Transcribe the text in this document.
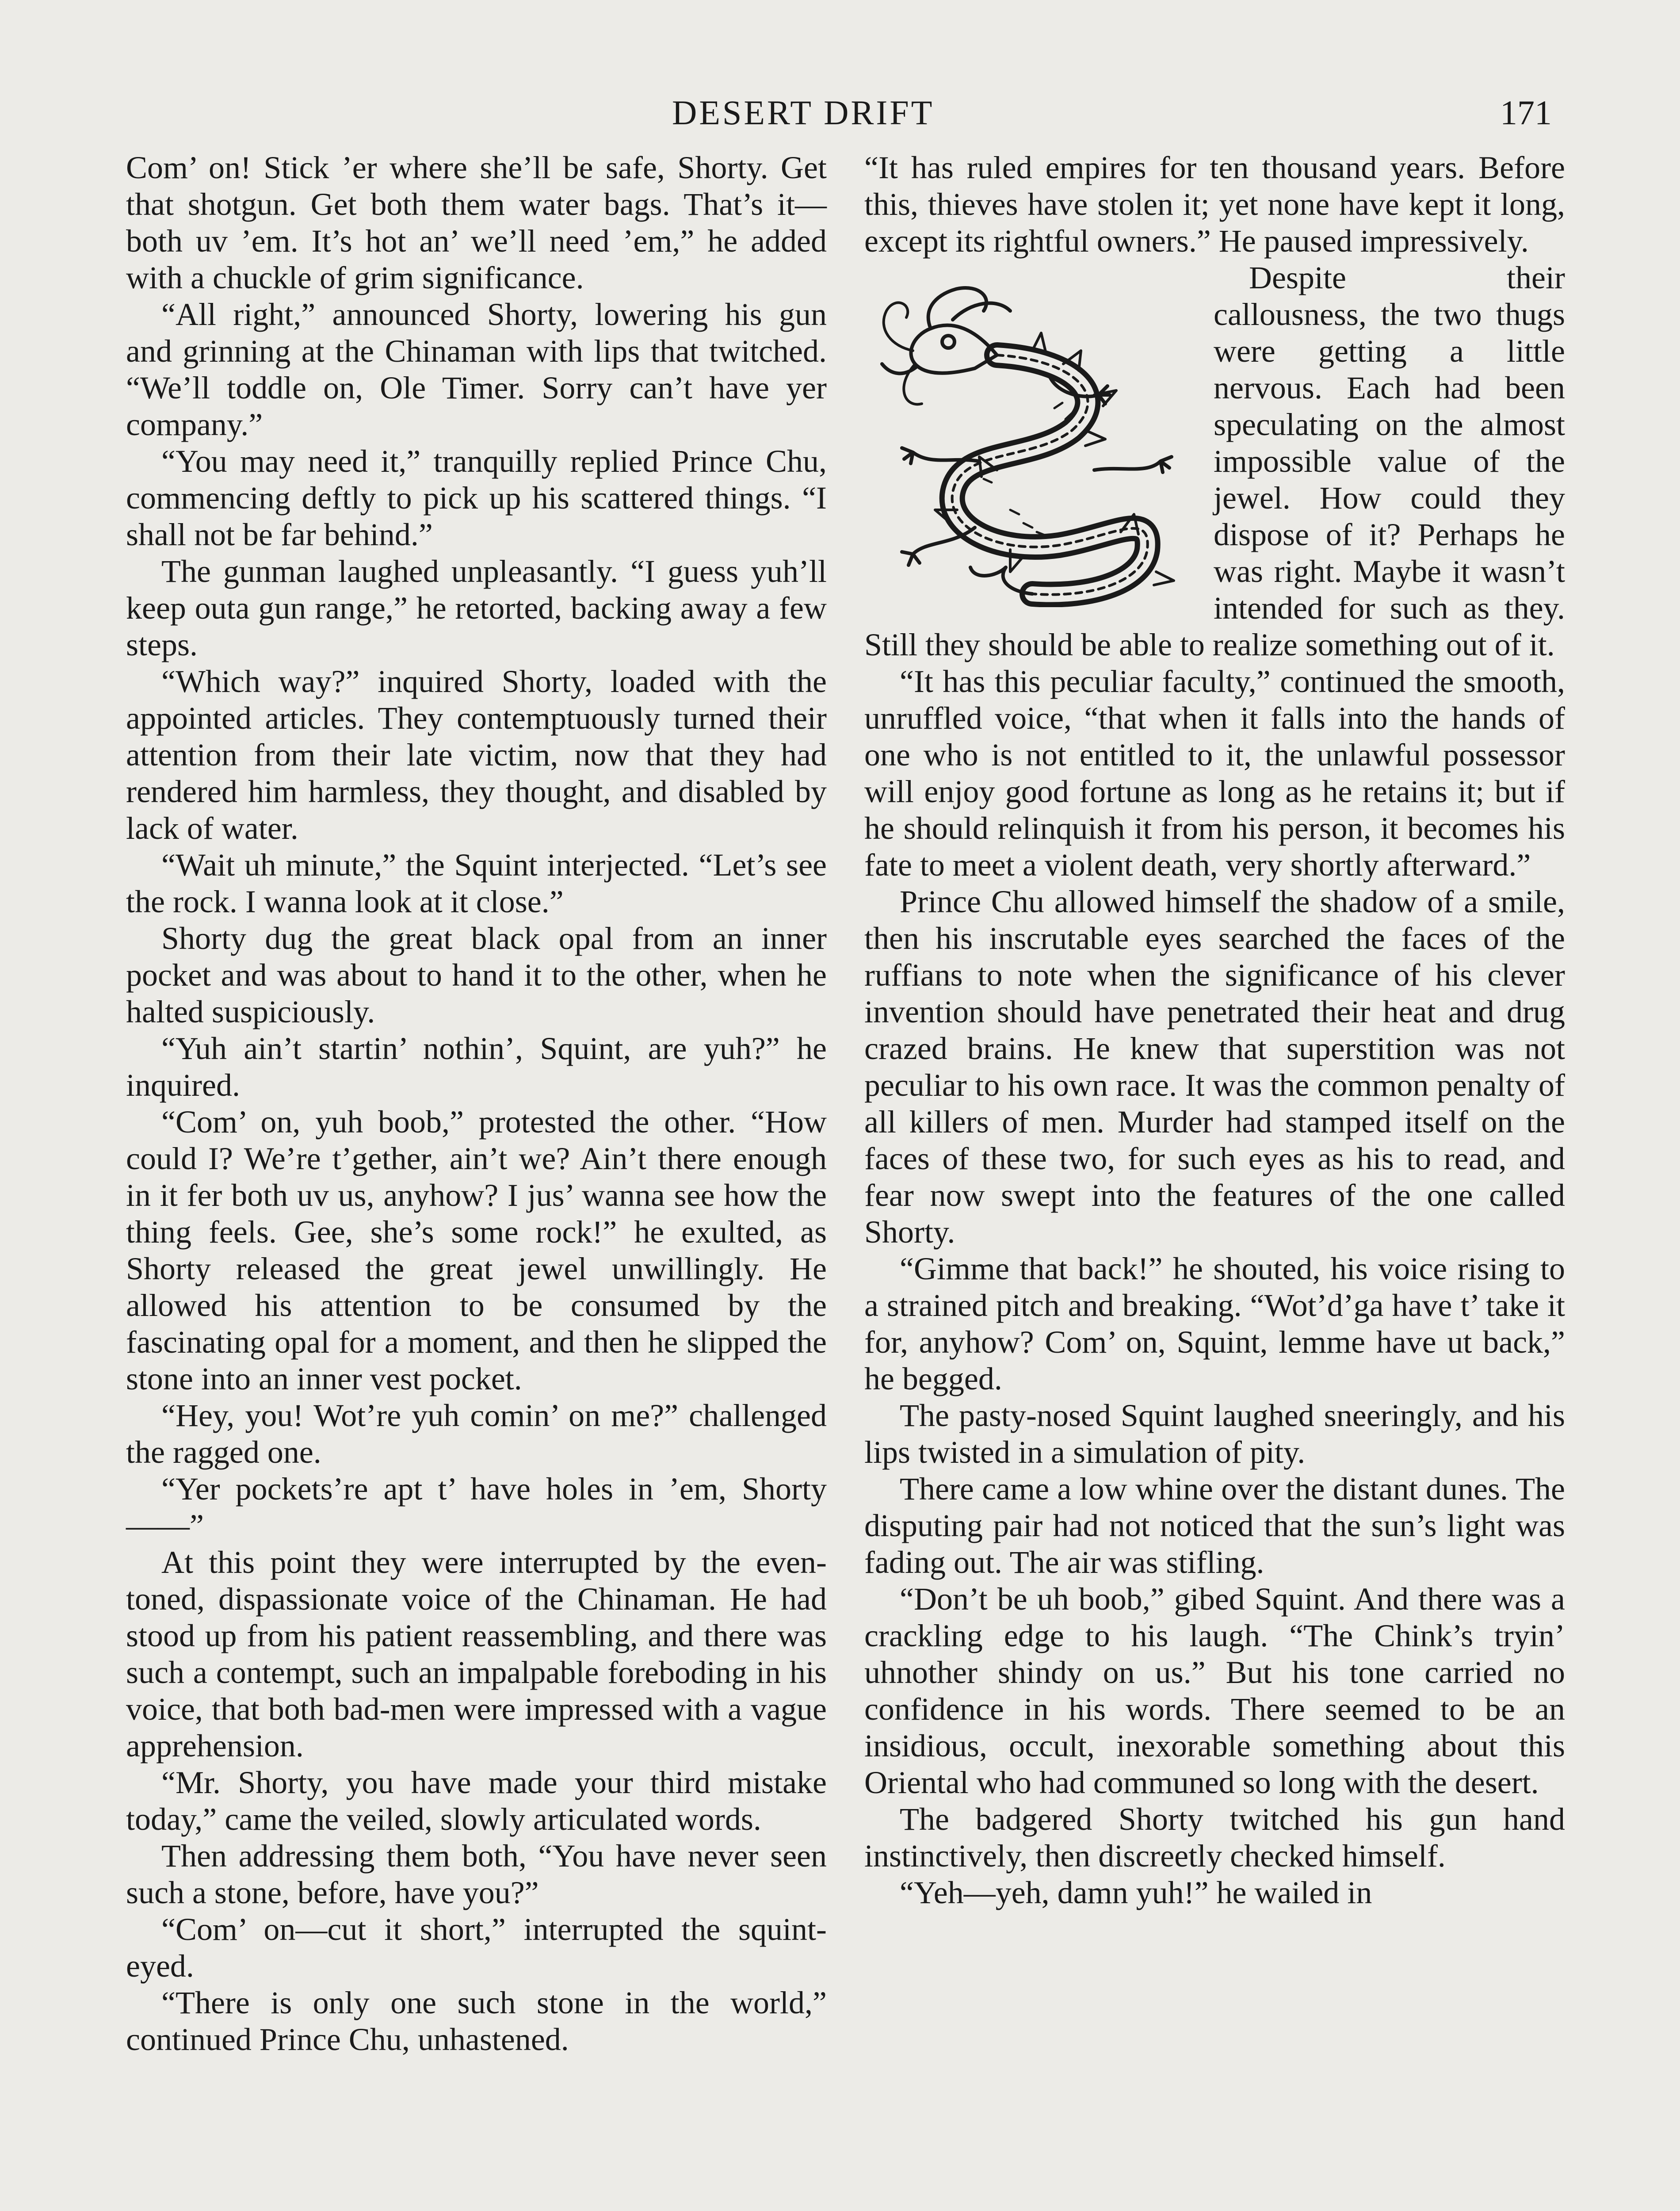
DESERT DRIFT	171

Com’ on! Stick ’er where she’ll be safe, Shorty. Get that shotgun. Get both them water bags. That’s it—both uv ’em. It’s hot an’ we’ll need ’em,” he added with a chuckle of grim significance.

“All right,” announced Shorty, lowering his gun and grinning at the Chinaman with lips that twitched. “We’ll toddle on, Ole Timer. Sorry can’t have yer company.”

“You may need it,” tranquilly replied Prince Chu, commencing deftly to pick up his scattered things. “I shall not be far behind.”

The gunman laughed unpleasantly. “I guess yuh’ll keep outa gun range,” he retorted, backing away a few steps.

“Which way?” inquired Shorty, loaded with the appointed articles. They contemptuously turned their attention from their late victim, now that they had rendered him harmless, they thought, and disabled by lack of water.

“Wait uh minute,” the Squint interjected. “Let’s see the rock. I wanna look at it close.”

Shorty dug the great black opal from an inner pocket and was about to hand it to the other, when he halted suspiciously.

“Yuh ain’t startin’ nothin’, Squint, are yuh?” he inquired.

“Com’ on, yuh boob,” protested the other. “How could I? We’re t’gether, ain’t we? Ain’t there enough in it fer both uv us, anyhow? I jus’ wanna see how the thing feels. Gee, she’s some rock!” he exulted, as Shorty released the great jewel unwillingly. He allowed his attention to be consumed by the fascinating opal for a moment, and then he slipped the stone into an inner vest pocket.

“Hey, you! Wot’re yuh comin’ on me?” challenged the ragged one.

“Yer pockets’re apt t’ have holes in ’em, Shorty——”

At this point they were interrupted by the even-toned, dispassionate voice of the Chinaman. He had stood up from his patient reassembling, and there was such a contempt, such an impalpable foreboding in his voice, that both bad-men were impressed with a vague apprehension.

“Mr. Shorty, you have made your third mistake today,” came the veiled, slowly articulated words.

Then addressing them both, “You have never seen such a stone, before, have you?”

“Com’ on—cut it short,” interrupted the squint-eyed.

“There is only one such stone in the world,” continued Prince Chu, unhastened.

“It has ruled empires for ten thousand years. Before this, thieves have stolen it; yet none have kept it long, except its rightful owners.” He paused impressively.

Despite their callousness, the two thugs were getting a little nervous. Each had been speculating on the almost impossible value of the jewel. How could they dispose of it? Perhaps he was right. Maybe it wasn’t intended for such as they. Still they should be able to realize something out of it.

“It has this peculiar faculty,” continued the smooth, unruffled voice, “that when it falls into the hands of one who is not entitled to it, the unlawful possessor will enjoy good fortune as long as he retains it; but if he should relinquish it from his person, it becomes his fate to meet a violent death, very shortly afterward.”

Prince Chu allowed himself the shadow of a smile, then his inscrutable eyes searched the faces of the ruffians to note when the significance of his clever invention should have penetrated their heat and drug crazed brains. He knew that superstition was not peculiar to his own race. It was the common penalty of all killers of men. Murder had stamped itself on the faces of these two, for such eyes as his to read, and fear now swept into the features of the one called Shorty.

“Gimme that back!” he shouted, his voice rising to a strained pitch and breaking. “Wot’d’ga have t’ take it for, anyhow? Com’ on, Squint, lemme have ut back,” he begged.

The pasty-nosed Squint laughed sneeringly, and his lips twisted in a simulation of pity.

There came a low whine over the distant dunes. The disputing pair had not noticed that the sun’s light was fading out. The air was stifling.

“Don’t be uh boob,” gibed Squint. And there was a crackling edge to his laugh. “The Chink’s tryin’ uhnother shindy on us.” But his tone carried no confidence in his words. There seemed to be an insidious, occult, inexorable something about this Oriental who had communed so long with the desert.

The badgered Shorty twitched his gun hand instinctively, then discreetly checked himself.

“Yeh—yeh, damn yuh!” he wailed in
